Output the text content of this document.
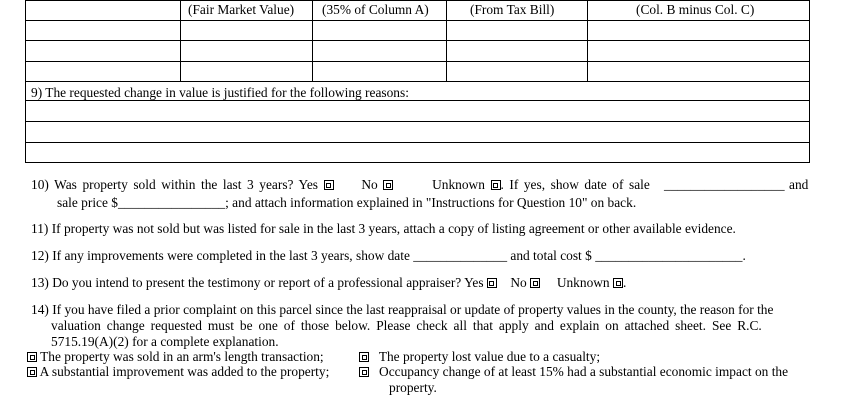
(Fair Market Value) (35% of Column A)	(From Tax Bill)	(Col. B minus Col. C)
9) The requested change in value is justified for the following reasons:
10) Was property sold within the last 3 years? Yes	No	Unknown . If yes, show date of sale __________________ and
sale price $________________; and attach information explained in "Instructions for Question 10" on back.
11) If property was not sold but was listed for sale in the last 3 years, attach a copy of listing agreement or other available evidence.
12) If any improvements were completed in the last 3 years, show date ______________ and total cost $ ______________________.
13) Do you intend to present the testimony or report of a professional appraiser? Yes No Unknown .
14) If you have filed a prior complaint on this parcel since the last reappraisal or update of property values in the county, the reason for the
valuation change requested must be one of those below. Please check all that apply and explain on attached sheet. See R.C.
5715.19(A)(2) for a complete explanation.
The property was sold in an arm's length transaction;	The property lost value due to a casualty;
A substantial improvement was added to the property;	Occupancy change of at least 15% had a substantial economic impact on the
property.
